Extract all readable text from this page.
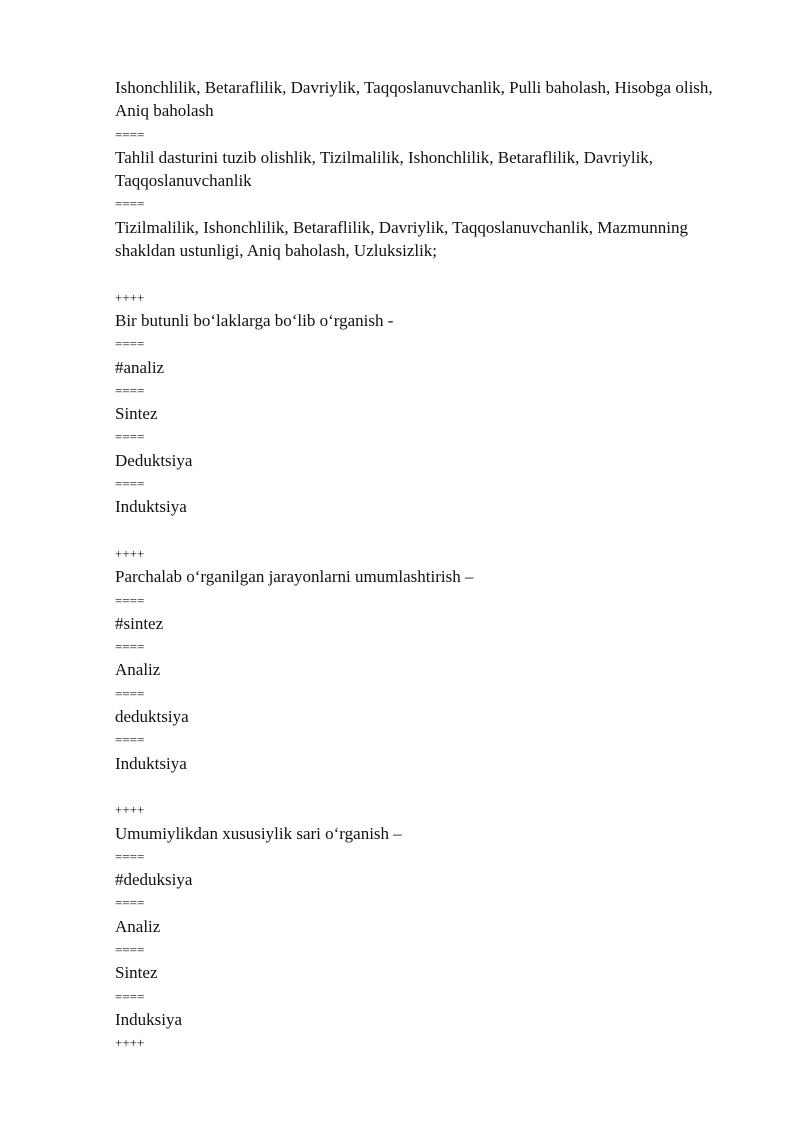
Ishonchlilik, Betaraflilik, Davriylik, Taqqoslanuvchanlik, Pulli baholash, Hisobga olish, Aniq baholash
====
Tahlil dasturini tuzib olishlik, Tizilmalilik, Ishonchlilik, Betaraflilik, Davriylik, Taqqoslanuvchanlik
====
Tizilmalilik, Ishonchlilik, Betaraflilik, Davriylik, Taqqoslanuvchanlik, Mazmunning shakldan ustunligi, Aniq baholash, Uzluksizlik;
++++
Bir butunli bo‘laklarga bo‘lib o‘rganish -
====
#analiz
====
Sintez
====
Deduktsiya
====
Induktsiya
++++
Parchalab o‘rganilgan jarayonlarni umumlashtirish –
====
#sintez
====
Analiz
====
deduktsiya
====
Induktsiya
++++
Umumiylikdan xususiylik sari o‘rganish –
====
#deduksiya
====
Analiz
====
Sintez
====
Induksiya
++++
